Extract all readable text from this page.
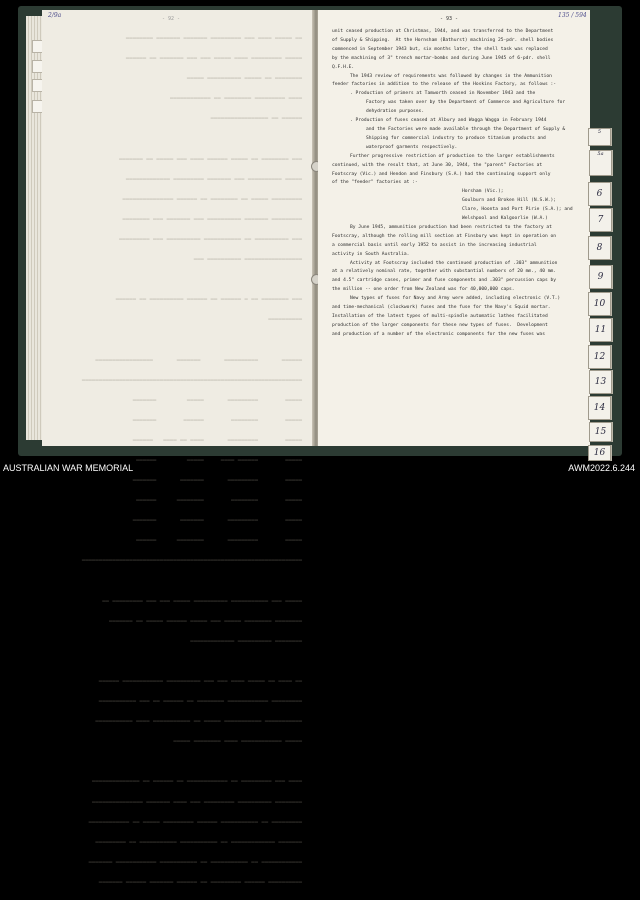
2/9a	- 92 -

━━ ━━━━━ ━━━━ ━━━ ━━━━━━━━━ ━━━━━━━ ━━━━━━━ ━━━━━━━━

━━━━━ ━━━━━━━━━ ━━━━ ━━━━━ ━━━ ━━━ ━━━━━━━ ━━ ━━━━━━

━━━━━━━━ ━━ ━━━━━ ━━━━━━━━━━ ━━━━━

━━━━ ━━━━━━━━━ ━━━━━━━━ ━━ ━━━━━━━━━━━━

━━━━━━ ━━ ━━━━━━━━━━━━━━━━━

━━━ ━━━━━━━━ ━━ ━━━━━ ━━━━━━ ━━━━ ━━━ ━━━━━ ━━ ━━━━━━━

━━━━━ ━━━━━━━━━━ ━━━ ━━━━━━━ ━━━━━━━━━ ━━━━━━━━━━━━━

━━━━━━━━━ ━━━━━ ━━ ━━━━━━━━ ━━ ━━━━━━ ━━━━━━━━━━━━━━━

━━━━━━━━━ ━━━━━━━ ━━━━━━━━━━ ━━━ ━━━━━━━ ━━━ ━━━━━━━━

━━━ ━━━━━━━━━━ ━━ ━━━━━━━━━━━ ━━━━━━━━━━ ━━━ ━━━━━━━━━

━━━━━━━━━━━━━━━━━ ━━━━━━━━━━ ━━━

━━━ ━━━━━━━━ ━━ ━ ━━━━━━ ━━ ━━━━━━ ━━━━━━━━━━ ━━ ━━━━━━

━━━━━━━━━━

━━━━━━       ━━━━━━━━━━       ━━━━━━━       ━━━━━━━━━━━━━━━━━

━━━━━━━━━━━━━━━━━━━━━━━━━━━━━━━━━━━━━━━━━━━━━━━━━━━━━━━━━━━━━━━━━

━━━━━        ━━━━━━━━━       ━━━━━         ━━━━━━━

━━━━━        ━━━━━━━━        ━━━━━━        ━━━━━━━

━━━━━        ━━━━━━━━━       ━━━━ ━━ ━━━━   ━━━━━━

━━━━━        ━━━━━━ ━━━━     ━━━━━         ━━━━━━

━━━━━        ━━━━━━━━━       ━━━━━━━       ━━━━━━━

━━━━━        ━━━━━━━━        ━━━━━━━━      ━━━━━━

━━━━━        ━━━━━━━━━       ━━━━━━━       ━━━━━━━

━━━━━        ━━━━━━━━━       ━━━━━━━━      ━━━━━━

━━━━━━━━━━━━━━━━━━━━━━━━━━━━━━━━━━━━━━━━━━━━━━━━━━━━━━━━━━━━━━━━━

━━━━━ ━━━ ━━━━━━━━━━━ ━━━━━━━━━━ ━━━━━ ━━━ ━━━ ━━━━━━━━━ ━━

━━━━━━━━ ━━━━━━━━ ━━━━━ ━━━ ━━━━━ ━━━━━━ ━━━━━ ━━ ━━━━━━━

━━━━━━━━ ━━━━━━━━━━ ━━━━━━━━━━━━━

━━ ━━━━ ━━ ━━━━━ ━━━━ ━━━ ━━━ ━━━━━━━━━━ ━━━━━━━━━━━━ ━━━━━━

━━━━━━━━━ ━━━━━━━━━━━━ ━━━━━━━━ ━━ ━━━━━━ ━━ ━━━ ━━━━━━━━━━━

━━━━━━━━━━━ ━━━━━━━━━━━ ━━━━━ ━━ ━━━━━━━━━━━ ━━━━ ━━━━━━━━━━━

━━━━━ ━━━━━━━━━━━━ ━━━━ ━━━━━━━━ ━━━━━

━━━━ ━━━ ━━━━━━━━━ ━━ ━━━━━━━━━━━━ ━━ ━━━━━━ ━━ ━━━━━━━━━━━━━━

━━━━━━━━ ━━━━━━━━━━ ━━━━━━━━━ ━━━ ━━━━ ━━━━━━━ ━━━━━━━━━━━━━━━

━━━━━━━━━ ━━ ━━━━━━━━━━━ ━━━━━━ ━━━━━━━━━ ━━━━━ ━━ ━━━━━━━━━━━━

━━━━━━━ ━━━━━━━━━━━━━ ━━ ━━━━━━━━━━━ ━━━━━━━━━━━ ━━ ━━━━━━━━━

━━━━━━━━━━━━ ━━ ━━━━━━━━━━━ ━━ ━━━━━━━━━━━ ━━━━━━━━━━━━ ━━━━━━━

━━━━━━━━━━ ━━━━━━ ━━━━━━━━━ ━━ ━━━━━━ ━━━━━━━ ━━━━━━ ━━━━━━━

- 93 -	135 / 594
unit ceased production at Christmas, 1944, and was transferred to the Department
of Supply & Shipping.  At the Hornsham (Bathurst) machining 25-pdr. shell bodies
commenced in September 1943 but, six months later, the shell task was replaced
by the machining of 3" trench mortar-bombs and during June 1945 of 6-pdr. shell
Q.F.H.E.
The 1943 review of requirements was followed by changes in the Ammunition
feeder factories in addition to the release of the Hoskins Factory, as follows :-
. Production of primers at Tamworth ceased in November 1943 and the
Factory was taken over by the Department of Commerce and Agriculture for
dehydration purposes.
. Production of fuses ceased at Albury and Wagga Wagga in February 1944
and the Factories were made available through the Department of Supply &
Shipping for commercial industry to produce titanium products and
waterproof garments respectively.
Further progressive restriction of production to the larger establishments
continued, with the result that, at June 30, 1944, the "parent" Factories at
Footscray (Vic.) and Hendon and Finsbury (S.A.) had the continuing support only
of the "feeder" factories at :-
Horsham (Vic.);
Goulburn and Broken Hill (N.S.W.);
Clare, Hoonta and Port Pirie (S.A.); and
Welshpool and Kalgoorlie (W.A.)
By June 1945, ammunition production had been restricted to the factory at
Footscray, although the rolling mill section at Finsbury was kept in operation on
a commercial basis until early 1952 to assist in the increasing industrial
activity in South Australia.
Activity at Footscray included the continued production of .303" ammunition
at a relatively nominal rate, together with substantial numbers of 20 mm., 40 mm.
and 4.5" cartridge cases, primer and fuse components and .303" percussion caps by
the million -- one order from New Zealand was for 40,000,000 caps.
New types of fuses for Navy and Army were added, including electronic (V.T.)
and time-mechanical (clockwork) fuses and the fuse for the Navy's Squid mortar.
Installation of the latest types of multi-spindle automatic lathes facilitated
production of the larger components for these new types of fuses.  Development
and production of a number of the electronic components for the new fuses was
5
5a
6
7
8
9
10
11
12
13
14
15
16
AUSTRALIAN WAR MEMORIAL	AWM2022.6.244
